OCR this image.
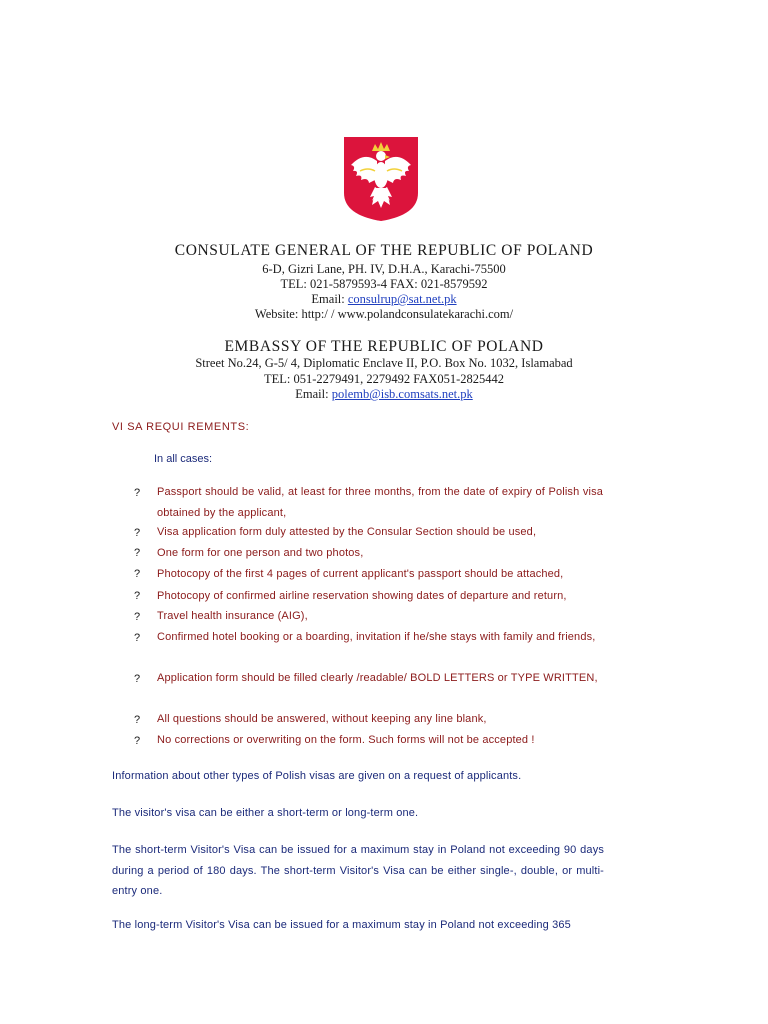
CONSULATE GENERAL OF THE REPUBLIC OF POLAND
6-D, Gizri Lane, PH. IV, D.H.A., Karachi-75500
TEL: 021-5879593-4 FAX: 021-8579592
Email: consulrup@sat.net.pk
Website: http:/ / www.polandconsulatekarachi.com/
EMBASSY OF THE REPUBLIC OF POLAND
Street No.24, G-5/ 4, Diplomatic Enclave II, P.O. Box No. 1032, Islamabad
TEL: 051-2279491, 2279492 FAX051-2825442
Email: polemb@isb.comsats.net.pk
VI SA REQUI REMENTS:
In all cases:
? Passport should be valid, at least for three months, from the date of expiry of Polish visa obtained by the applicant,
? Visa application form duly attested by the Consular Section should be used,
? One form for one person and two photos,
? Photocopy of the first 4 pages of current applicant's passport should be attached,
? Photocopy of confirmed airline reservation showing dates of departure and return,
? Travel health insurance (AIG),
? Confirmed hotel booking or a boarding, invitation if he/she stays with family and friends,
? Application form should be filled clearly /readable/ BOLD LETTERS or TYPE WRITTEN,
? All questions should be answered, without keeping any line blank,
? No corrections or overwriting on the form. Such forms will not be accepted !
Information about other types of Polish visas are given on a request of applicants.
The visitor's visa can be either a short-term or long-term one.
The short-term Visitor's Visa can be issued for a maximum stay in Poland not exceeding 90 days during a period of 180 days. The short-term Visitor's Visa can be either single-, double, or multi-entry one.
The long-term Visitor's Visa can be issued for a maximum stay in Poland not exceeding 365
